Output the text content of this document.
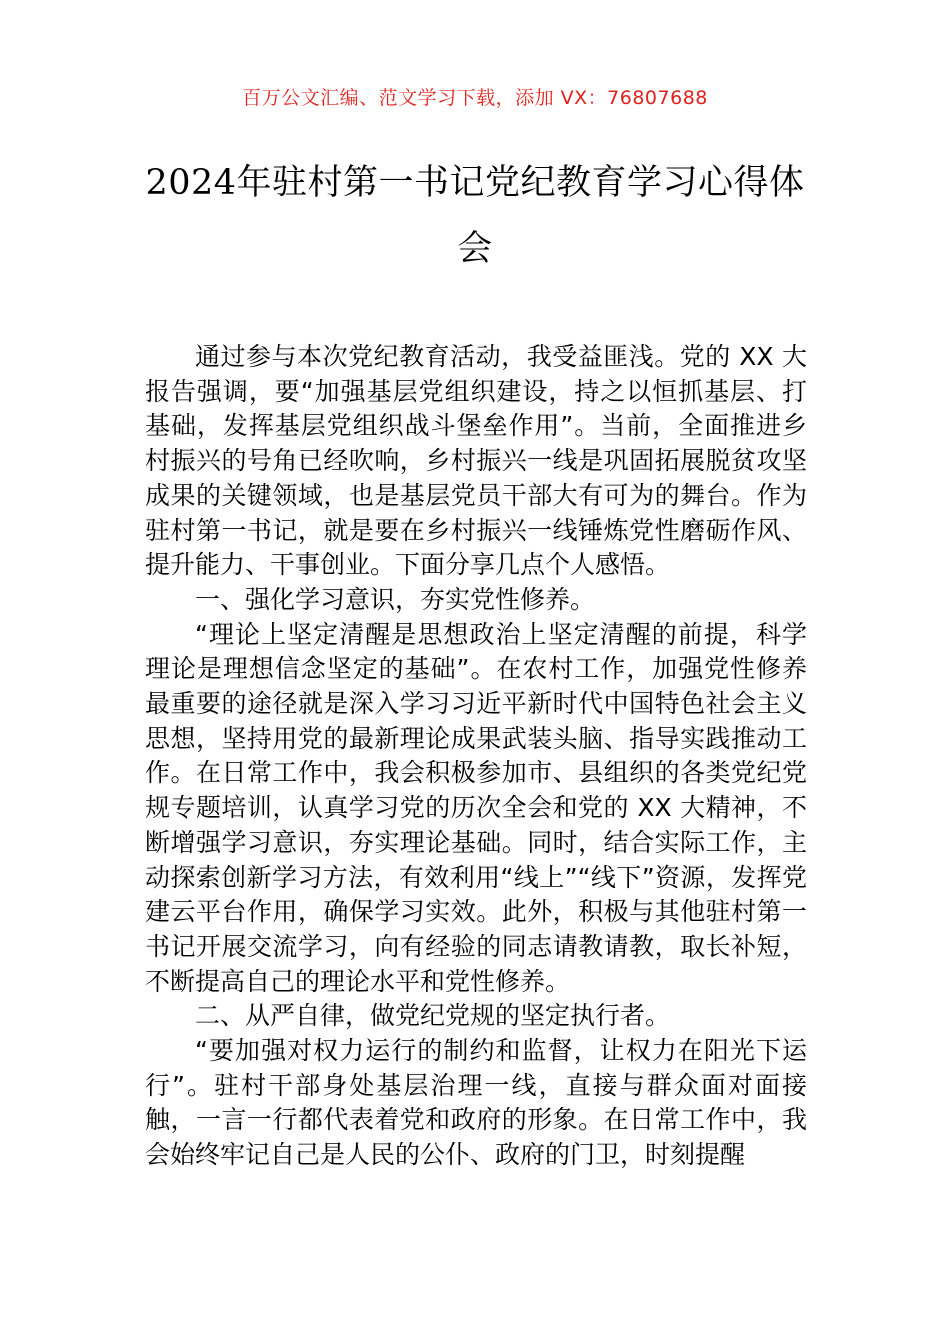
百万公文汇编、范文学习下载，添加 VX：76807688
2024年驻村第一书记党纪教育学习心得体会

通过参与本次党纪教育活动，我受益匪浅。党的 XX 大报告强调，要“加强基层党组织建设，持之以恒抓基层、打基础，发挥基层党组织战斗堡垒作用”。当前，全面推进乡村振兴的号角已经吹响，乡村振兴一线是巩固拓展脱贫攻坚成果的关键领域，也是基层党员干部大有可为的舞台。作为驻村第一书记，就是要在乡村振兴一线锤炼党性磨砺作风、提升能力、干事创业。下面分享几点个人感悟。

一、强化学习意识，夯实党性修养。

“理论上坚定清醒是思想政治上坚定清醒的前提，科学理论是理想信念坚定的基础”。在农村工作，加强党性修养最重要的途径就是深入学习习近平新时代中国特色社会主义思想，坚持用党的最新理论成果武装头脑、指导实践推动工作。在日常工作中，我会积极参加市、县组织的各类党纪党规专题培训，认真学习党的历次全会和党的 XX 大精神，不断增强学习意识，夯实理论基础。同时，结合实际工作，主动探索创新学习方法，有效利用“线上”“线下”资源，发挥党建云平台作用，确保学习实效。此外，积极与其他驻村第一书记开展交流学习，向有经验的同志请教请教，取长补短，不断提高自己的理论水平和党性修养。

二、从严自律，做党纪党规的坚定执行者。

“要加强对权力运行的制约和监督，让权力在阳光下运行”。驻村干部身处基层治理一线，直接与群众面对面接触，一言一行都代表着党和政府的形象。在日常工作中，我会始终牢记自己是人民的公仆、政府的门卫，时刻提醒
